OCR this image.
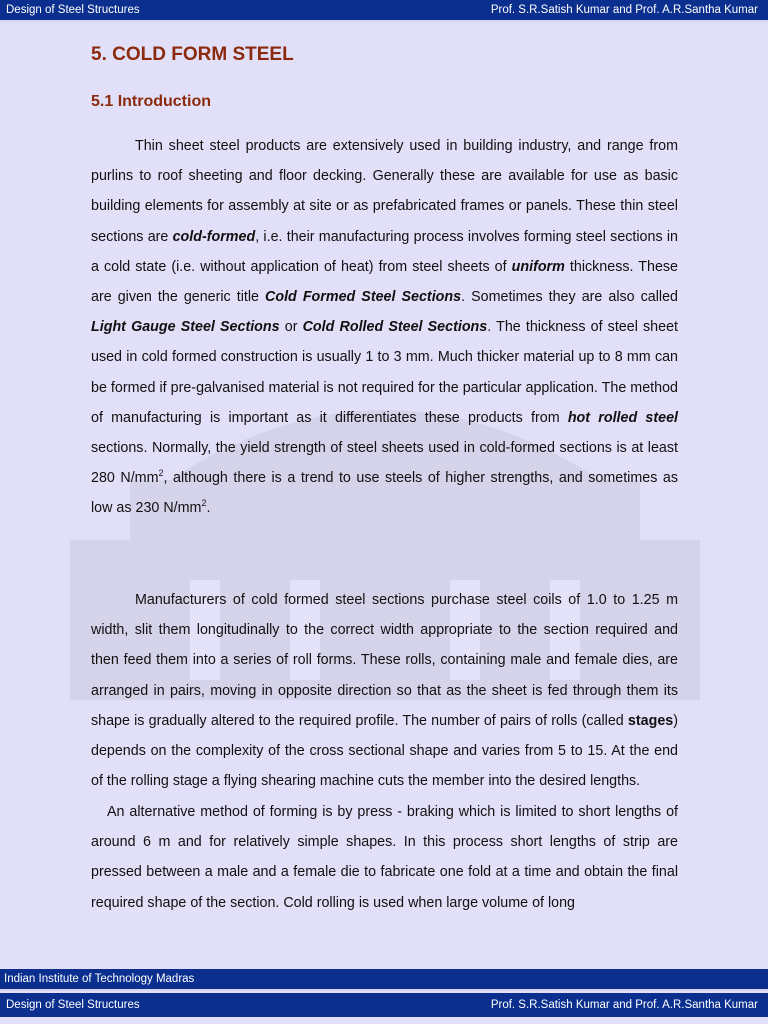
Design of Steel Structures	Prof. S.R.Satish Kumar and Prof. A.R.Santha Kumar
5. COLD FORM STEEL
5.1 Introduction

Thin sheet steel products are extensively used in building industry, and range from purlins to roof sheeting and floor decking. Generally these are available for use as basic building elements for assembly at site or as prefabricated frames or panels. These thin steel sections are cold-formed, i.e. their manufacturing process involves forming steel sections in a cold state (i.e. without application of heat) from steel sheets of uniform thickness. These are given the generic title Cold Formed Steel Sections. Sometimes they are also called Light Gauge Steel Sections or Cold Rolled Steel Sections. The thickness of steel sheet used in cold formed construction is usually 1 to 3 mm. Much thicker material up to 8 mm can be formed if pre-galvanised material is not required for the particular application. The method of manufacturing is important as it differentiates these products from hot rolled steel sections. Normally, the yield strength of steel sheets used in cold-formed sections is at least 280 $N/mm^2$, although there is a trend to use steels of higher strengths, and sometimes as low as 230 $N/mm^2$.

Manufacturers of cold formed steel sections purchase steel coils of 1.0 to 1.25 m width, slit them longitudinally to the correct width appropriate to the section required and then feed them into a series of roll forms. These rolls, containing male and female dies, are arranged in pairs, moving in opposite direction so that as the sheet is fed through them its shape is gradually altered to the required profile. The number of pairs of rolls (called stages) depends on the complexity of the cross sectional shape and varies from 5 to 15. At the end of the rolling stage a flying shearing machine cuts the member into the desired lengths.

An alternative method of forming is by press - braking which is limited to short lengths of around 6 m and for relatively simple shapes. In this process short lengths of strip are pressed between a male and a female die to fabricate one fold at a time and obtain the final required shape of the section. Cold rolling is used when large volume of long

Indian Institute of Technology Madras
Design of Steel Structures	Prof. S.R.Satish Kumar and Prof. A.R.Santha Kumar
